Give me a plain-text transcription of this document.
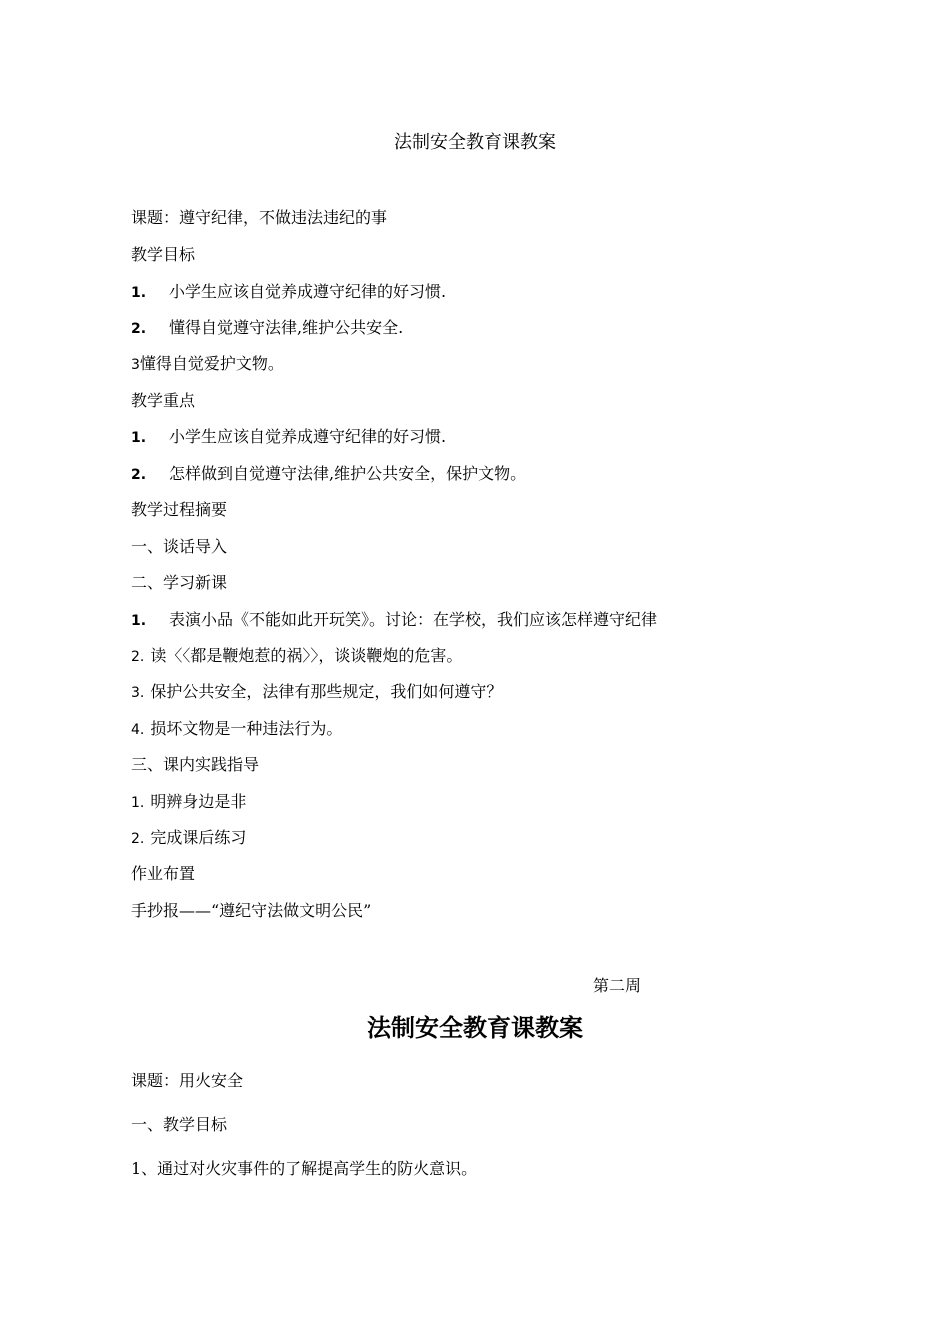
法制安全教育课教案
课题：遵守纪律，不做违法违纪的事
教学目标
1. 小学生应该自觉养成遵守纪律的好习惯.
2. 懂得自觉遵守法律,维护公共安全.
3懂得自觉爱护文物。
教学重点
1. 小学生应该自觉养成遵守纪律的好习惯.
2. 怎样做到自觉遵守法律,维护公共安全，保护文物。
教学过程摘要
一、谈话导入
二、学习新课
1. 表演小品《不能如此开玩笑》。讨论：在学校，我们应该怎样遵守纪律
2. 读〈〈都是鞭炮惹的祸〉〉，谈谈鞭炮的危害。
3. 保护公共安全，法律有那些规定，我们如何遵守？
4. 损坏文物是一种违法行为。
三、课内实践指导
1. 明辨身边是非
2. 完成课后练习
作业布置
手抄报——“遵纪守法做文明公民”
第二周
法制安全教育课教案
课题：用火安全
一、教学目标
1、通过对火灾事件的了解提高学生的防火意识。
